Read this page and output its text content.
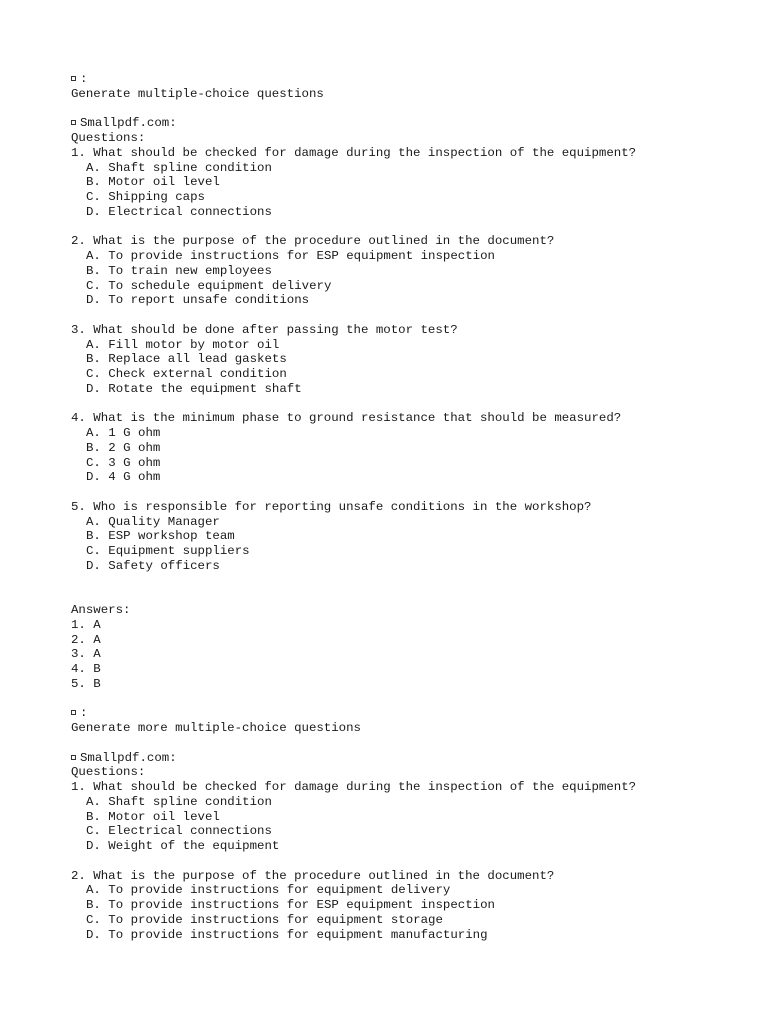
:
Generate multiple-choice questions
Smallpdf.com:
Questions:
1. What should be checked for damage during the inspection of the equipment?
A. Shaft spline condition
B. Motor oil level
C. Shipping caps
D. Electrical connections
2. What is the purpose of the procedure outlined in the document?
A. To provide instructions for ESP equipment inspection
B. To train new employees
C. To schedule equipment delivery
D. To report unsafe conditions
3. What should be done after passing the motor test?
A. Fill motor by motor oil
B. Replace all lead gaskets
C. Check external condition
D. Rotate the equipment shaft
4. What is the minimum phase to ground resistance that should be measured?
A. 1 G ohm
B. 2 G ohm
C. 3 G ohm
D. 4 G ohm
5. Who is responsible for reporting unsafe conditions in the workshop?
A. Quality Manager
B. ESP workshop team
C. Equipment suppliers
D. Safety officers
Answers:
1. A
2. A
3. A
4. B
5. B
:
Generate more multiple-choice questions
Smallpdf.com:
Questions:
1. What should be checked for damage during the inspection of the equipment?
A. Shaft spline condition
B. Motor oil level
C. Electrical connections
D. Weight of the equipment
2. What is the purpose of the procedure outlined in the document?
A. To provide instructions for equipment delivery
B. To provide instructions for ESP equipment inspection
C. To provide instructions for equipment storage
D. To provide instructions for equipment manufacturing
